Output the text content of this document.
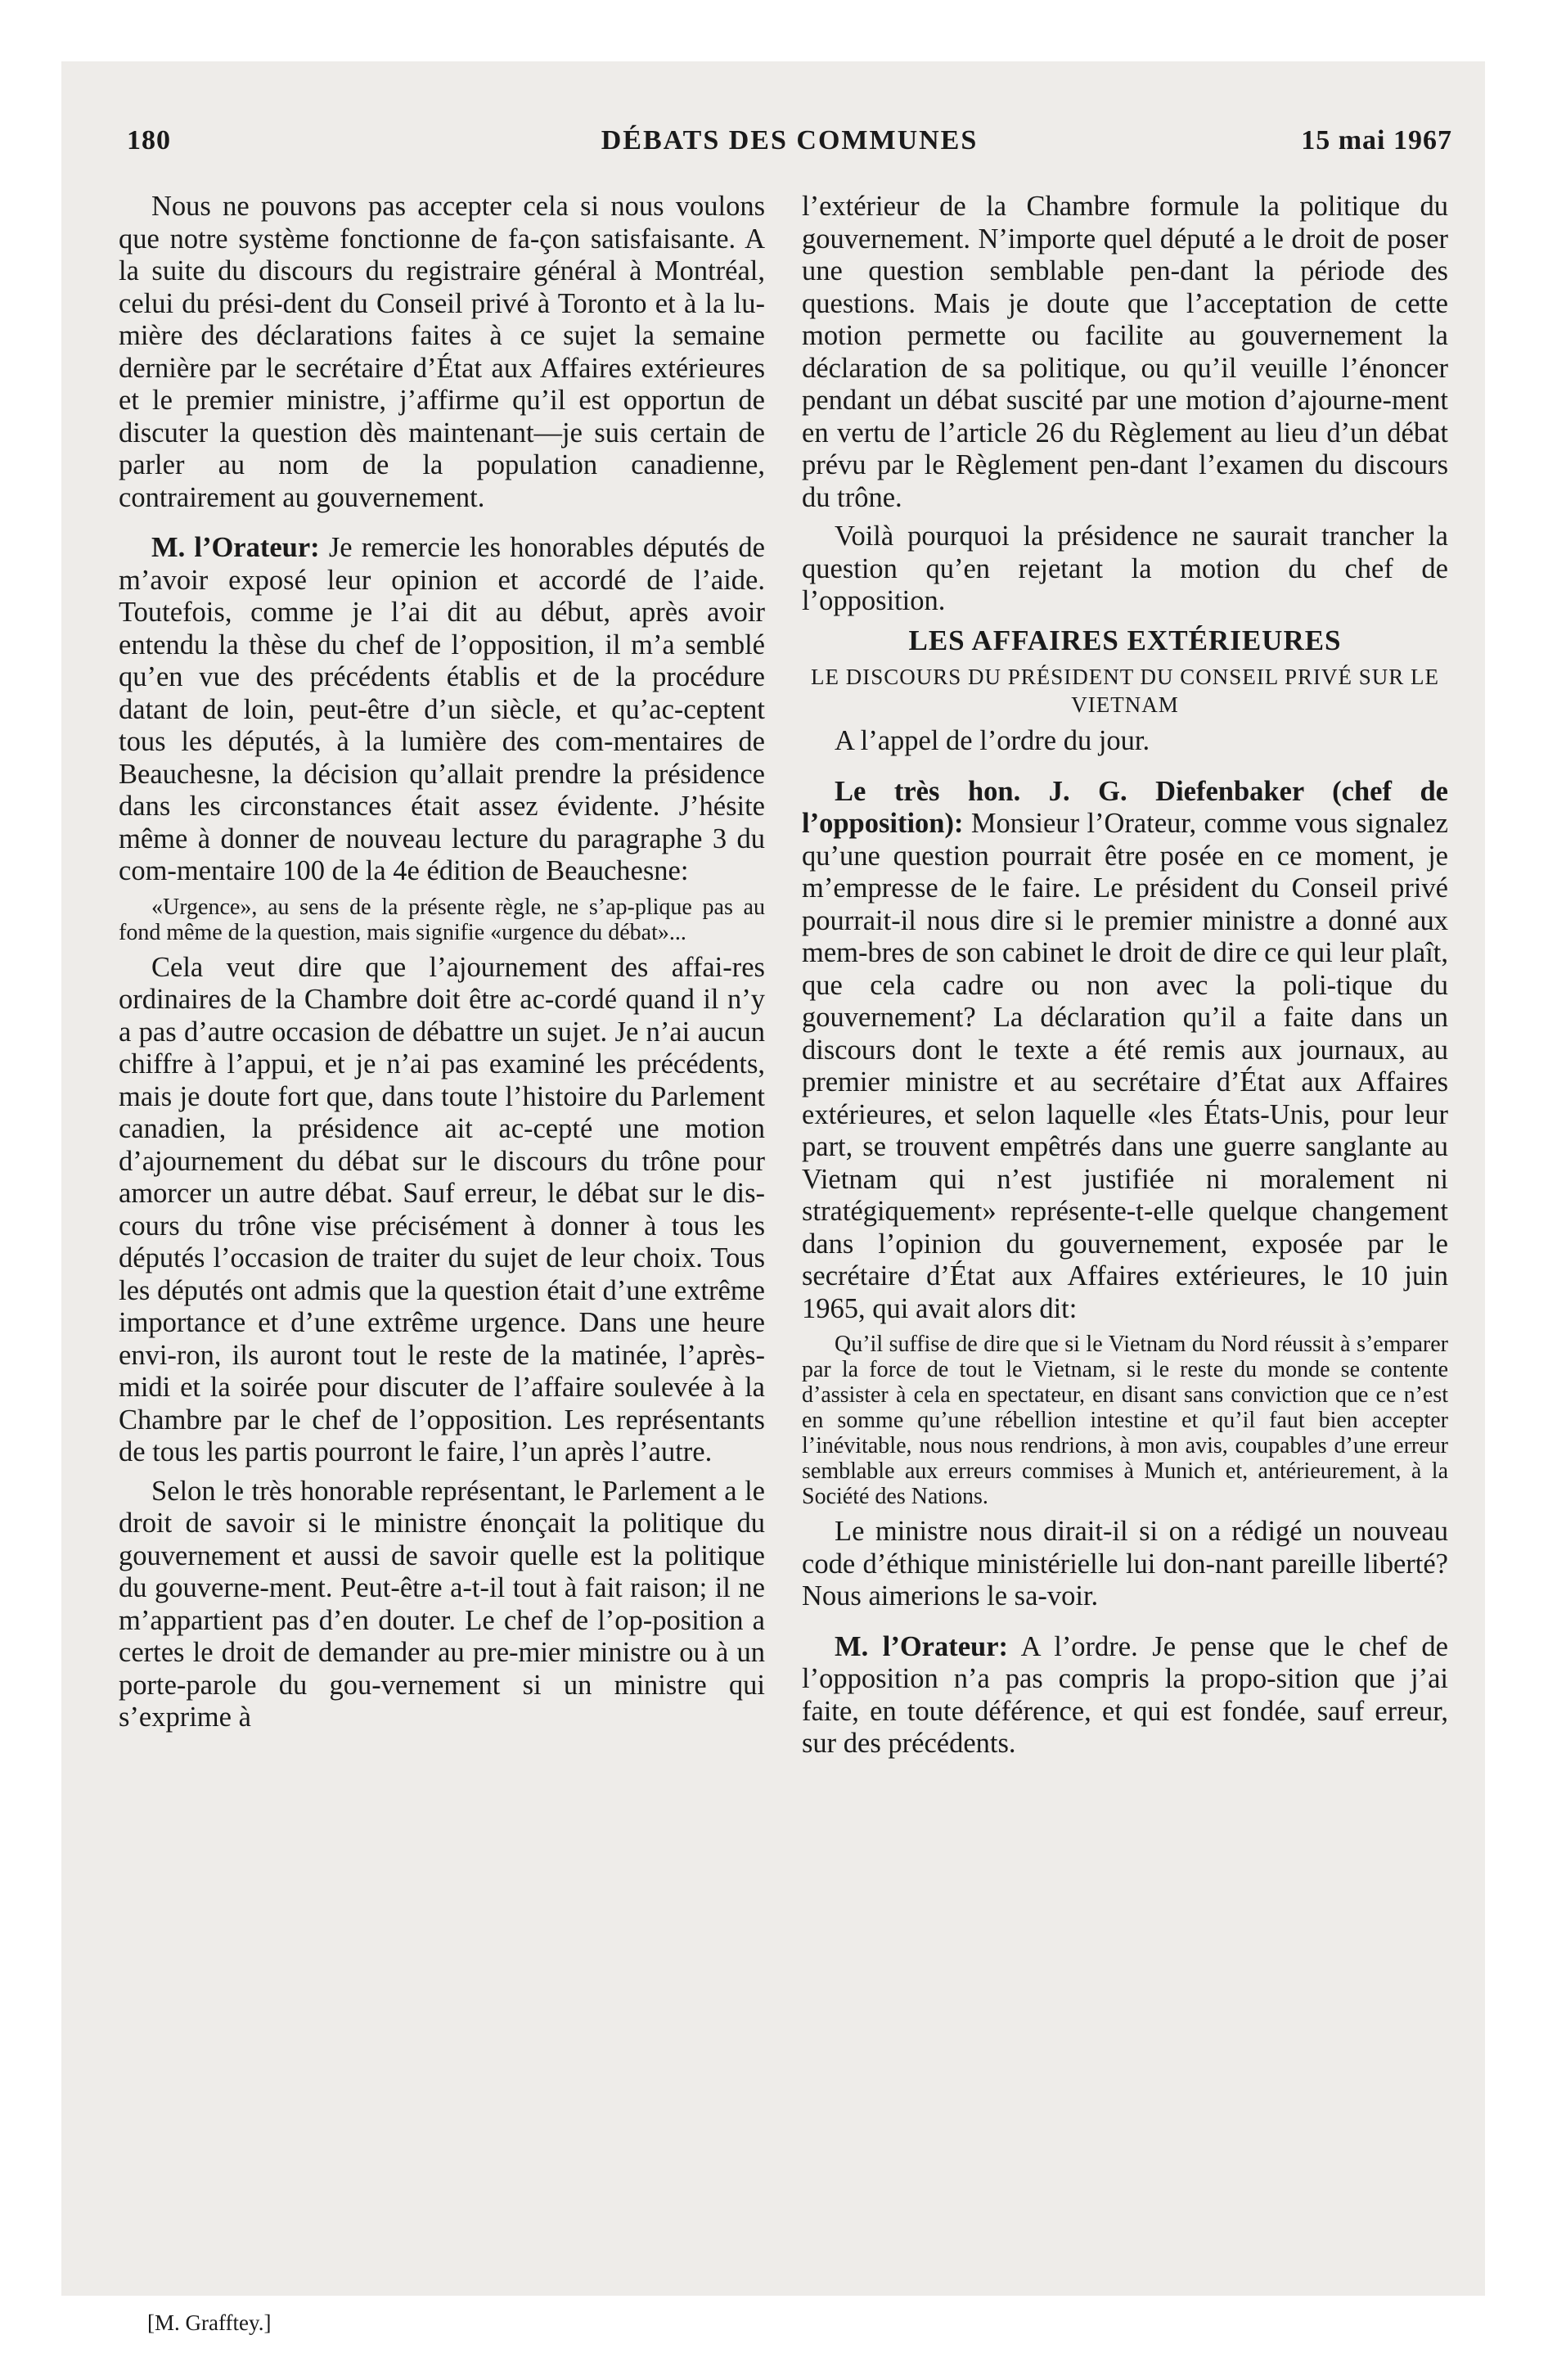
180	DÉBATS DES COMMUNES	15 mai 1967

Nous ne pouvons pas accepter cela si nous voulons que notre système fonctionne de fa-çon satisfaisante. A la suite du discours du registraire général à Montréal, celui du prési-dent du Conseil privé à Toronto et à la lu-mière des déclarations faites à ce sujet la semaine dernière par le secrétaire d’État aux Affaires extérieures et le premier ministre, j’affirme qu’il est opportun de discuter la question dès maintenant—je suis certain de parler au nom de la population canadienne, contrairement au gouvernement.

M. l’Orateur: Je remercie les honorables députés de m’avoir exposé leur opinion et accordé de l’aide. Toutefois, comme je l’ai dit au début, après avoir entendu la thèse du chef de l’opposition, il m’a semblé qu’en vue des précédents établis et de la procédure datant de loin, peut-être d’un siècle, et qu’ac-ceptent tous les députés, à la lumière des com-mentaires de Beauchesne, la décision qu’allait prendre la présidence dans les circonstances était assez évidente. J’hésite même à donner de nouveau lecture du paragraphe 3 du com-mentaire 100 de la 4e édition de Beauchesne:

«Urgence», au sens de la présente règle, ne s’ap-plique pas au fond même de la question, mais signifie «urgence du débat»...

Cela veut dire que l’ajournement des affai-res ordinaires de la Chambre doit être ac-cordé quand il n’y a pas d’autre occasion de débattre un sujet. Je n’ai aucun chiffre à l’appui, et je n’ai pas examiné les précédents, mais je doute fort que, dans toute l’histoire du Parlement canadien, la présidence ait ac-cepté une motion d’ajournement du débat sur le discours du trône pour amorcer un autre débat. Sauf erreur, le débat sur le dis-cours du trône vise précisément à donner à tous les députés l’occasion de traiter du sujet de leur choix. Tous les députés ont admis que la question était d’une extrême importance et d’une extrême urgence. Dans une heure envi-ron, ils auront tout le reste de la matinée, l’après-midi et la soirée pour discuter de l’affaire soulevée à la Chambre par le chef de l’opposition. Les représentants de tous les partis pourront le faire, l’un après l’autre.

Selon le très honorable représentant, le Parlement a le droit de savoir si le ministre énonçait la politique du gouvernement et aussi de savoir quelle est la politique du gouverne-ment. Peut-être a-t-il tout à fait raison; il ne m’appartient pas d’en douter. Le chef de l’op-position a certes le droit de demander au pre-mier ministre ou à un porte-parole du gou-vernement si un ministre qui s’exprime à

l’extérieur de la Chambre formule la politique du gouvernement. N’importe quel député a le droit de poser une question semblable pen-dant la période des questions. Mais je doute que l’acceptation de cette motion permette ou facilite au gouvernement la déclaration de sa politique, ou qu’il veuille l’énoncer pendant un débat suscité par une motion d’ajourne-ment en vertu de l’article 26 du Règlement au lieu d’un débat prévu par le Règlement pen-dant l’examen du discours du trône.

Voilà pourquoi la présidence ne saurait trancher la question qu’en rejetant la motion du chef de l’opposition.

LES AFFAIRES EXTÉRIEURES

LE DISCOURS DU PRÉSIDENT DU CONSEIL PRIVÉ SUR LE VIETNAM

A l’appel de l’ordre du jour.

Le très hon. J. G. Diefenbaker (chef de l’opposition): Monsieur l’Orateur, comme vous signalez qu’une question pourrait être posée en ce moment, je m’empresse de le faire. Le président du Conseil privé pourrait-il nous dire si le premier ministre a donné aux mem-bres de son cabinet le droit de dire ce qui leur plaît, que cela cadre ou non avec la poli-tique du gouvernement? La déclaration qu’il a faite dans un discours dont le texte a été remis aux journaux, au premier ministre et au secrétaire d’État aux Affaires extérieures, et selon laquelle «les États-Unis, pour leur part, se trouvent empêtrés dans une guerre sanglante au Vietnam qui n’est justifiée ni moralement ni stratégiquement» représente-t-elle quelque changement dans l’opinion du gouvernement, exposée par le secrétaire d’État aux Affaires extérieures, le 10 juin 1965, qui avait alors dit:

Qu’il suffise de dire que si le Vietnam du Nord réussit à s’emparer par la force de tout le Vietnam, si le reste du monde se contente d’assister à cela en spectateur, en disant sans conviction que ce n’est en somme qu’une rébellion intestine et qu’il faut bien accepter l’inévitable, nous nous rendrions, à mon avis, coupables d’une erreur semblable aux erreurs commises à Munich et, antérieurement, à la Société des Nations.

Le ministre nous dirait-il si on a rédigé un nouveau code d’éthique ministérielle lui don-nant pareille liberté? Nous aimerions le sa-voir.

M. l’Orateur: A l’ordre. Je pense que le chef de l’opposition n’a pas compris la propo-sition que j’ai faite, en toute déférence, et qui est fondée, sauf erreur, sur des précédents.

[M. Grafftey.]
